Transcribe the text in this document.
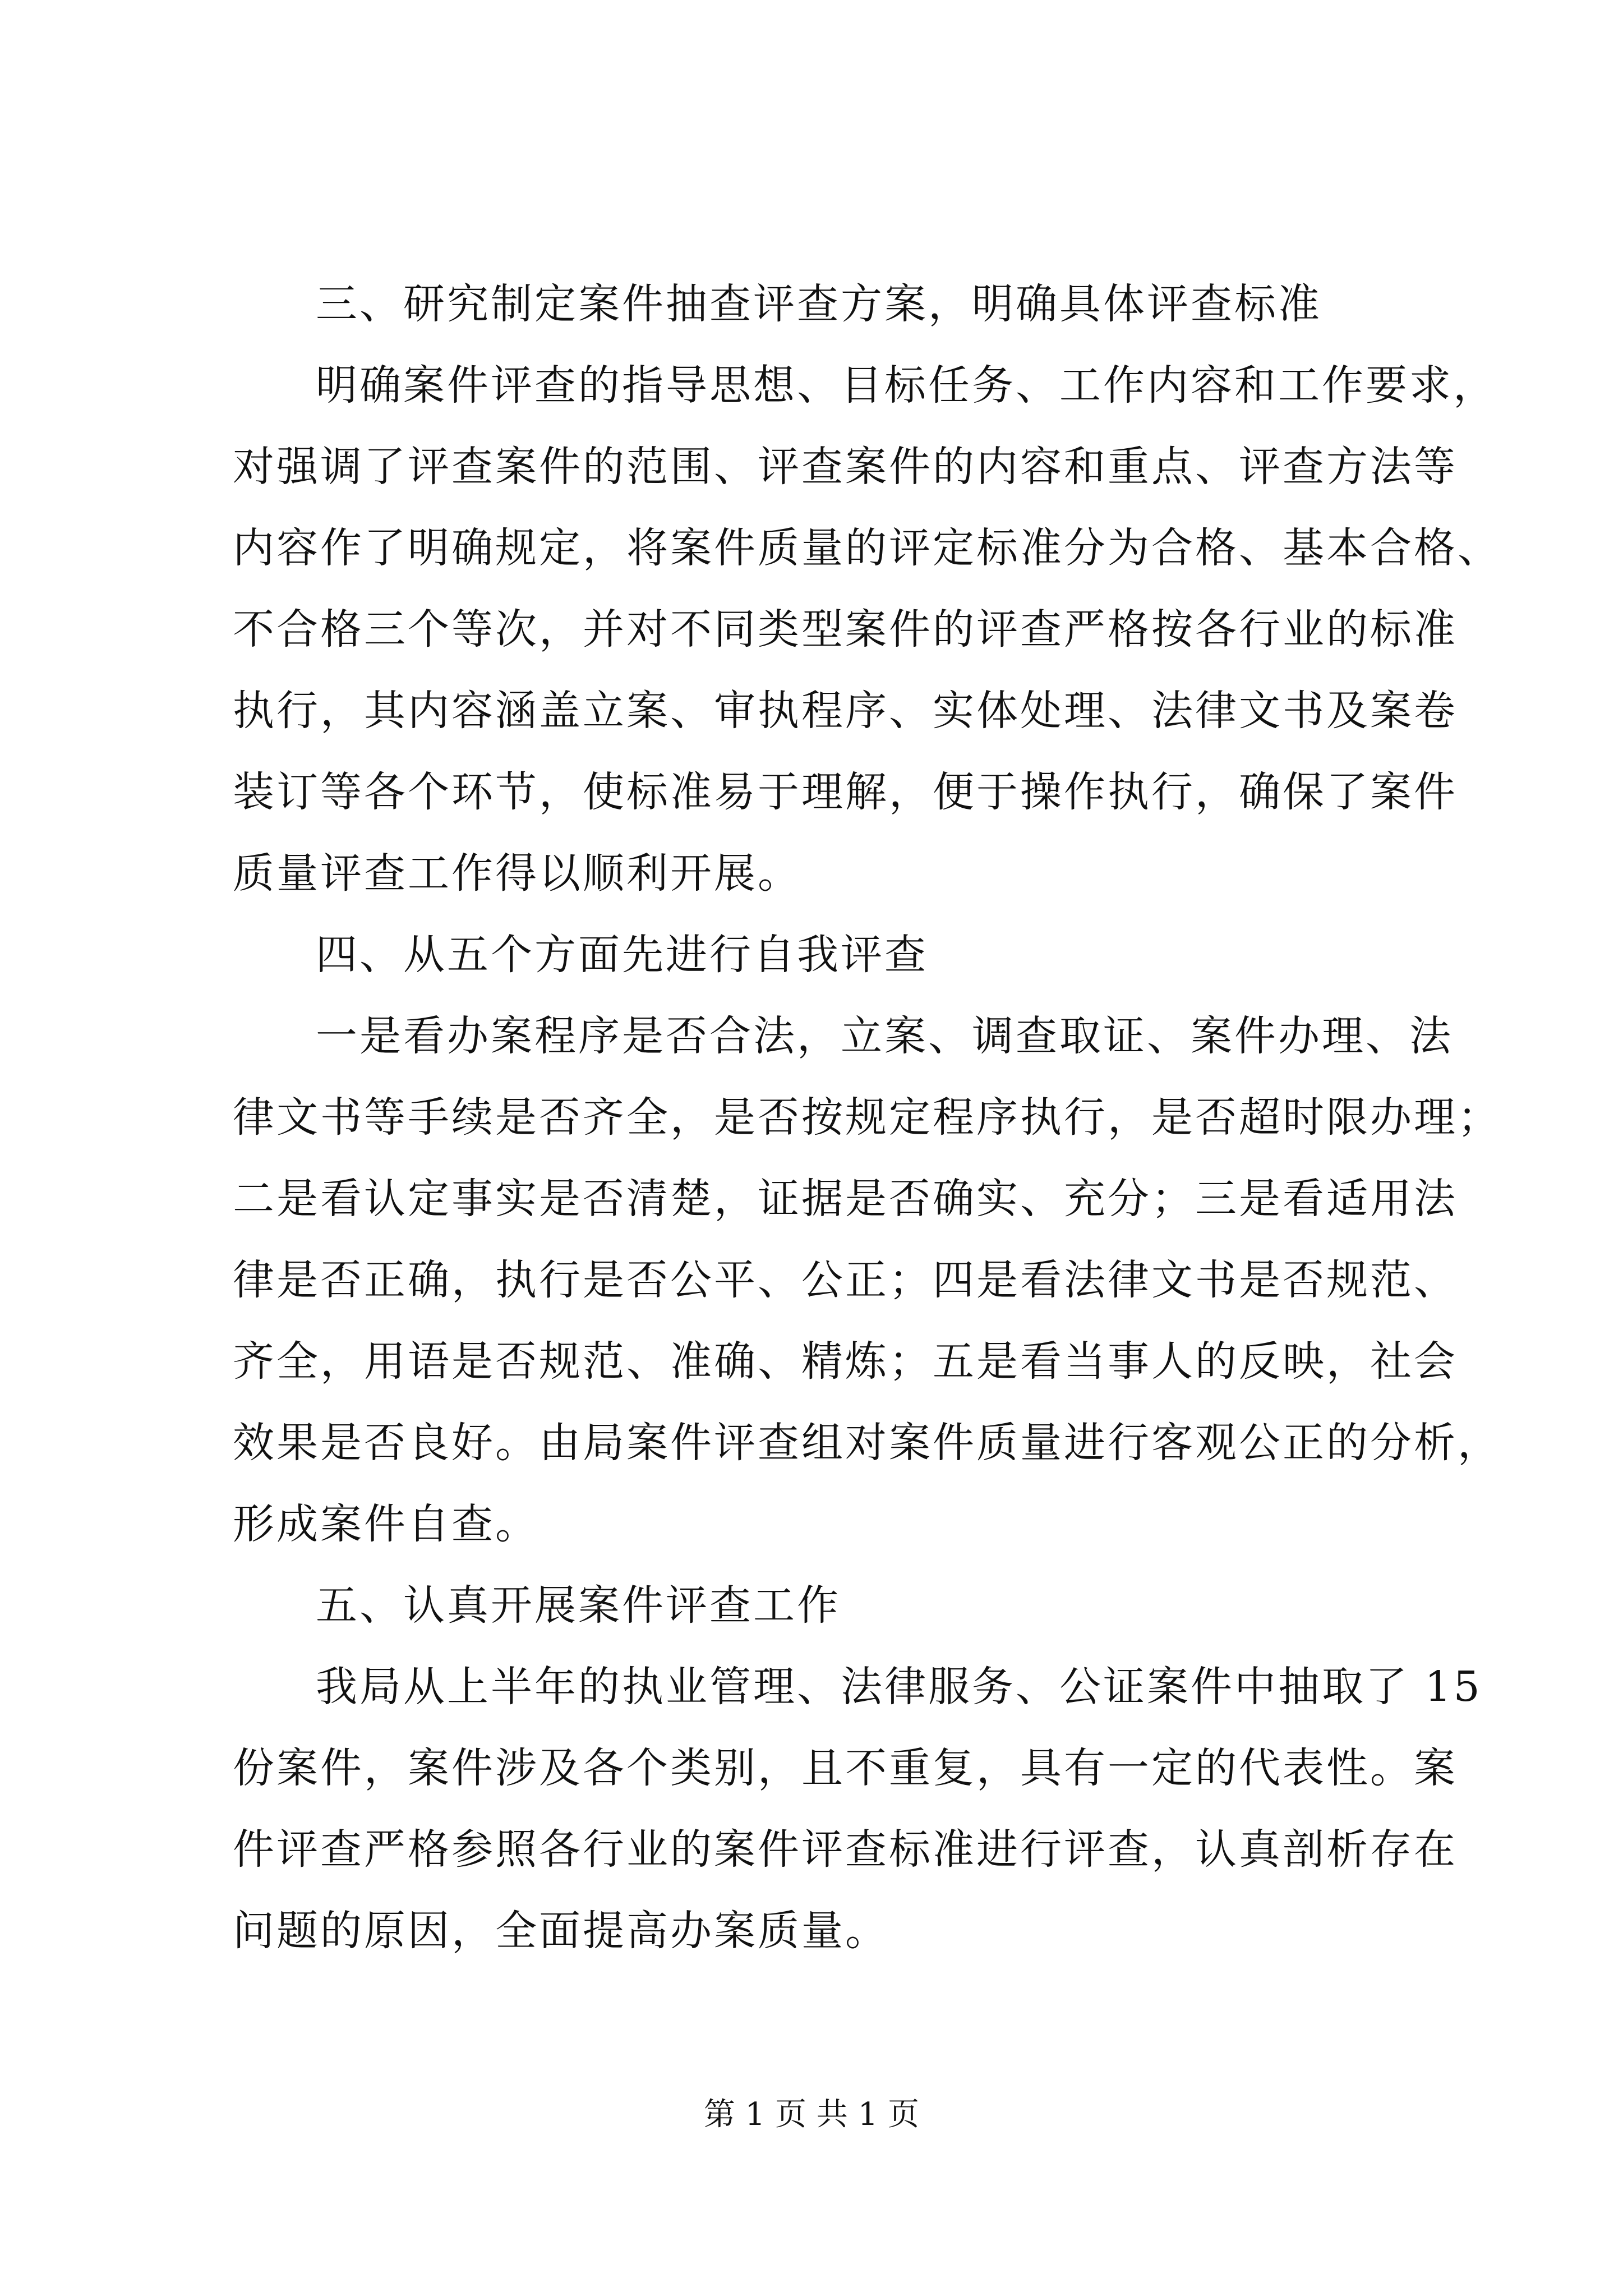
三、研究制定案件抽查评查方案，明确具体评查标准
明确案件评查的指导思想、目标任务、工作内容和工作要求，
对强调了评查案件的范围、评查案件的内容和重点、评查方法等
内容作了明确规定，将案件质量的评定标准分为合格、基本合格、
不合格三个等次，并对不同类型案件的评查严格按各行业的标准
执行，其内容涵盖立案、审执程序、实体处理、法律文书及案卷
装订等各个环节，使标准易于理解，便于操作执行，确保了案件
质量评查工作得以顺利开展。
四、从五个方面先进行自我评查
一是看办案程序是否合法，立案、调查取证、案件办理、法
律文书等手续是否齐全，是否按规定程序执行，是否超时限办理；
二是看认定事实是否清楚，证据是否确实、充分；三是看适用法
律是否正确，执行是否公平、公正；四是看法律文书是否规范、
齐全，用语是否规范、准确、精炼；五是看当事人的反映，社会
效果是否良好。由局案件评查组对案件质量进行客观公正的分析，
形成案件自查。
五、认真开展案件评查工作
我局从上半年的执业管理、法律服务、公证案件中抽取了 15
份案件，案件涉及各个类别，且不重复，具有一定的代表性。案
件评查严格参照各行业的案件评查标准进行评查，认真剖析存在
问题的原因，全面提高办案质量。
第 1 页 共 1 页
